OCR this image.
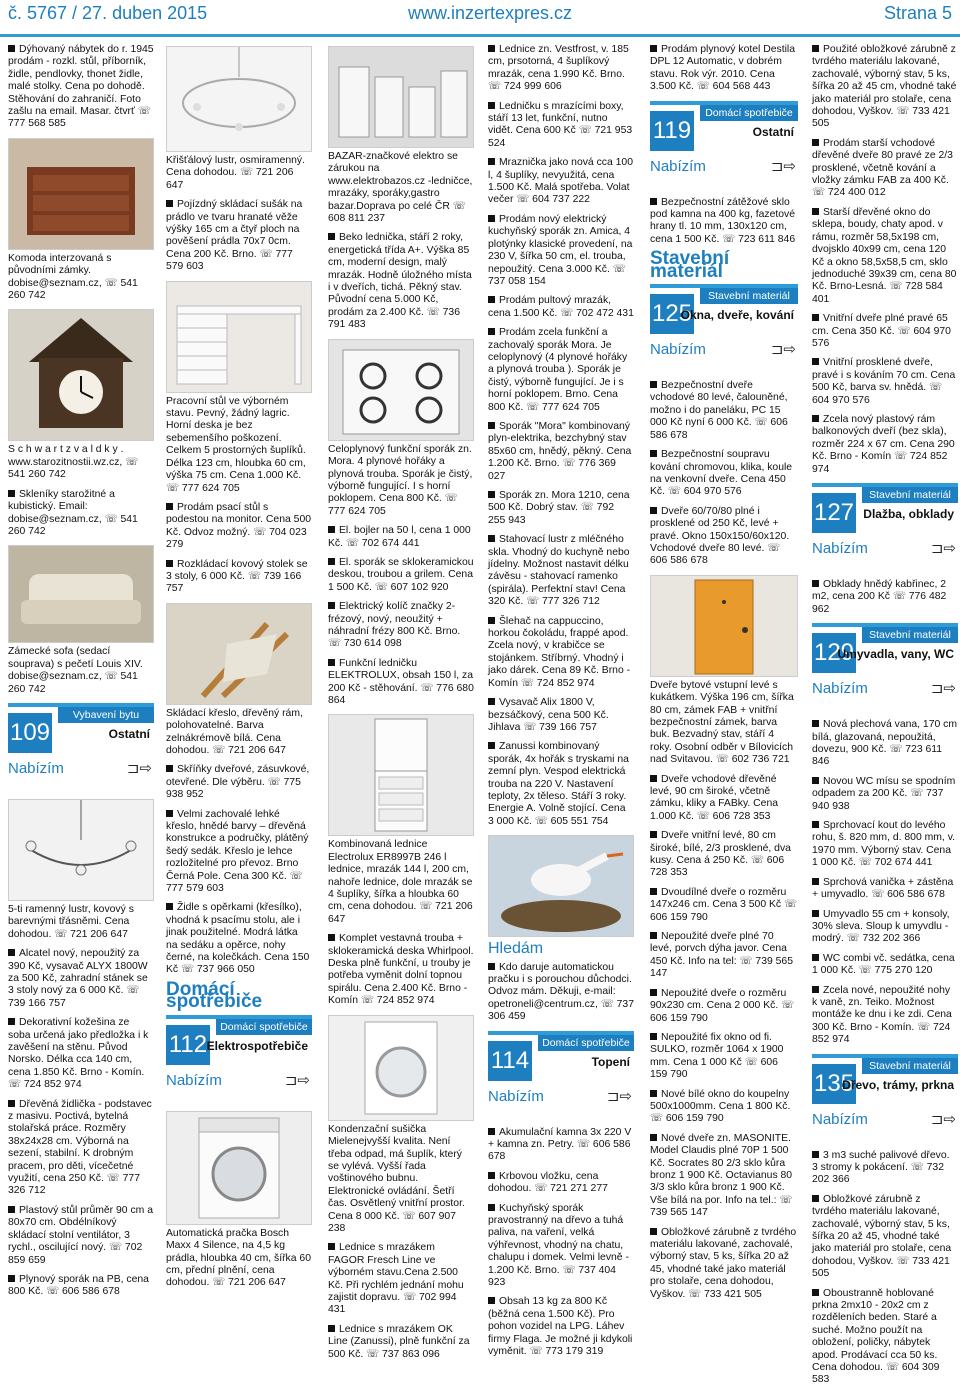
č. 5767 / 27. duben 2015	www.inzertexpres.cz	Strana 5

Dýhovaný nábytek do r. 1945 prodám - rozkl. stůl, příborník, židle, pendlovky, thonet židle, malé stolky. Cena po dohodě. Stěhování do zahraničí. Foto zašlu na email. Masar. čtvrť ☏ 777 568 585

Komoda interzovaná s původními zámky. dobise@seznam.cz, ☏ 541 260 742

S c h w a r t z v a l d k y . www.starozitnostii.wz.cz, ☏ 541 260 742

Skleníky starožitné a kubistický. Email: dobise@seznam.cz, ☏ 541 260 742

Zámecké sofa (sedací souprava) s pečetí Louis XIV. dobise@seznam.cz, ☏ 541 260 742

109
Vybavení bytu
Ostatní
Nabízím	⊐⇨

5-ti ramenný lustr, kovový s barevnými třásněmi. Cena dohodou. ☏ 721 206 647

Alcatel nový, nepoužitý za 390 Kč, vysavač ALYX 1800W za 500 Kč, zahradní stánek se 3 stoly nový za 6 000 Kč. ☏ 739 166 757

Dekorativní kožešina ze soba určená jako předložka i k zavěšení na stěnu. Původ Norsko. Délka cca 140 cm, cena 1.850 Kč. Brno - Komín. ☏ 724 852 974

Dřevěná židlička - podstavec z masivu. Poctivá, bytelná stolařská práce. Rozměry 38x24x28 cm. Výborná na sezení, stabilní. K drobným pracem, pro děti, vícečetné využití, cena 250 Kč. ☏ 777 326 712

Plastový stůl průměr 90 cm a 80x70 cm. Obdélníkový skládací stolní ventilátor, 3 rychl., oscilující nový. ☏ 702 859 659

Plynový sporák na PB, cena 800 Kč. ☏ 606 586 678

Křišťálový lustr, osmiramenný. Cena dohodou. ☏ 721 206 647

Pojízdný skládací sušák na prádlo ve tvaru hranaté věže výšky 165 cm a čtyř ploch na pověšení prádla 70x7 0cm. Cena 200 Kč. Brno. ☏ 777 579 603

Pracovní stůl ve výborném stavu. Pevný, žádný lagric. Horní deska je bez sebemenšího poškození. Celkem 5 prostorných šuplíků. Délka 123 cm, hloubka 60 cm, výška 75 cm. Cena 1.000 Kč. ☏ 777 624 705

Prodám psací stůl s podestou na monitor. Cena 500 Kč. Odvoz možný. ☏ 704 023 279

Rozkládací kovový stolek se 3 stoly, 6 000 Kč. ☏ 739 166 757

Skládací křeslo, dřevěný rám, polohovatelné. Barva zelnákrémově bílá. Cena dohodou. ☏ 721 206 647

Skříňky dveřové, zásuvkové, otevřené. Dle výběru. ☏ 775 938 952

Velmi zachovalé lehké křeslo, hnědé barvy – dřevěná konstrukce a područky, plátěný šedý sedák. Křeslo je lehce rozložitelné pro převoz. Brno Černá Pole. Cena 300 Kč. ☏ 777 579 603

Židle s opěrkami (křesílko), vhodná k psacímu stolu, ale i jinak použitelné. Modrá látka na sedáku a opěrce, nohy černé, na kolečkách. Cena 150 Kč ☏ 737 966 050

Domácí spotřebiče
112
Domácí spotřebiče
Elektrospotřebiče
Nabízím	⊐⇨

Automatická pračka Bosch Maxx 4 Silence, na 4,5 kg prádla, hloubka 40 cm, šířka 60 cm, přední plnění, cena dohodou. ☏ 721 206 647

BAZAR-značkové elektro se zárukou na www.elektrobazos.cz -ledničce, mrazáky, sporáky,gastro bazar.Doprava po celé ČR ☏ 608 811 237

Beko lednička, stáří 2 roky, energetická třída A+. Výška 85 cm, moderní design, malý mrazák. Hodně úložného místa i v dveřích, tichá. Pěkný stav. Původní cena 5.000 Kč, prodám za 2.400 Kč. ☏ 736 791 483

Celoplynový funkční sporák zn. Mora. 4 plynové hořáky a plynová trouba. Sporák je čistý, výborně fungující. I s horní poklopem. Cena 800 Kč. ☏ 777 624 705

El. bojler na 50 l, cena 1 000 Kč. ☏ 702 674 441

El. sporák se sklokeramickou deskou, troubou a grilem. Cena 1 500 Kč. ☏ 607 102 920

Elektrický kolíč značky 2-frézový, nový, neoužitý + náhradní frézy 800 Kč. Brno. ☏ 730 614 098

Funkční ledničku ELEKTROLUX, obsah 150 l, za 200 Kč - stěhování. ☏ 776 680 864

Kombinovaná lednice Electrolux ER8997B 246 l lednice, mrazák 144 l, 200 cm, nahoře lednice, dole mrazák se 4 šuplíky, šířka a hloubka 60 cm, cena dohodou. ☏ 721 206 647

Komplet vestavná trouba + sklokeramická deska Whirlpool. Deska plně funkční, u trouby je potřeba vyměnit dolní topnou spirálu. Cena 2.400 Kč. Brno - Komín ☏ 724 852 974

Kondenzační sušička Mielenejvyšší kvalita. Není třeba odpad, má šuplík, který se vylévá. Vyšší řada voštinového bubnu. Elektronické ovládání. Šetří čas. Osvětlený vnitřní prostor. Cena 8 000 Kč. ☏ 607 907 238

Lednice s mrazákem FAGOR Fresch Line ve výborném stavu.Cena 2.500 Kč. Při rychlém jednání mohu zajistit dopravu. ☏ 702 994 431

Lednice s mrazákem OK Line (Zanussi), plně funkční za 500 Kč. ☏ 737 863 096

Lednice zn. Vestfrost, v. 185 cm, prsotorná, 4 šuplíkový mrazák, cena 1.990 Kč. Brno. ☏ 724 999 606

Ledničku s mrazícími boxy, stáří 13 let, funkční, nutno vidět. Cena 600 Kč ☏ 721 953 524

Mraznička jako nová cca 100 l, 4 šuplíky, nevyužitá, cena 1.500 Kč. Malá spotřeba. Volat večer ☏ 604 737 222

Prodám nový elektrický kuchyňský sporák zn. Amica, 4 plotýnky klasické provedení, na 230 V, šířka 50 cm, el. trouba, nepoužitý. Cena 3.000 Kč. ☏ 737 058 154

Prodám pultový mrazák, cena 1.500 Kč. ☏ 702 472 431

Prodám zcela funkční a zachovalý sporák Mora. Je celoplynový (4 plynové hořáky a plynová trouba ). Sporák je čistý, výborně fungující. Je i s horní poklopem. Brno. Cena 800 Kč. ☏ 777 624 705

Sporák "Mora" kombinovaný plyn-elektrika, bezchybný stav 85x60 cm, hnědý, pěkný. Cena 1.200 Kč. Brno. ☏ 776 369 027

Sporák zn. Mora 1210, cena 500 Kč. Dobrý stav. ☏ 792 255 943

Stahovací lustr z mléčného skla. Vhodný do kuchyně nebo jídelny. Možnost nastavit délku závěsu - stahovací ramenko (spirála). Perfektní stav! Cena 320 Kč. ☏ 777 326 712

Šlehač na cappuccino, horkou čokoládu, frappé apod. Zcela nový, v krabičce se stojánkem. Stříbrný. Vhodný i jako dárek. Cena 89 Kč. Brno - Komín ☏ 724 852 974

Vysavač Alix 1800 V, bezsáčkový, cena 500 Kč. Jihlava ☏ 739 166 757

Zanussi kombinovaný sporák, 4x hořák s tryskami na zemní plyn. Vespod elektrická trouba na 220 V. Nastavení teploty, 2x těleso. Stáří 3 roky. Energie A. Volně stojící. Cena 3 000 Kč. ☏ 605 551 754

Hledám

Kdo daruje automatickou pračku i s porouchou důchodci. Odvoz mám. Děkuji, e-mail: opetroneli@centrum.cz, ☏ 737 306 459

114
Domácí spotřebiče
Topení
Nabízím	⊐⇨

Akumulační kamna 3x 220 V + kamna zn. Petry. ☏ 606 586 678

Krbovou vložku, cena dohodou. ☏ 721 271 277

Kuchyňský sporák pravostranný na dřevo a tuhá paliva, na vaření, velká výhřevnost, vhodný na chatu, chalupu i domek. Velmi levně - 1.200 Kč. Brno. ☏ 737 404 923

Obsah 13 kg za 800 Kč (běžná cena 1.500 Kč). Pro pohon vozidel na LPG. Láhev firmy Flaga. Je možné ji kdykoli vyměnit. ☏ 773 179 319

Prodám plynový kotel Destila DPL 12 Automatic, v dobrém stavu. Rok výr. 2010. Cena 3.500 Kč. ☏ 604 568 443

119
Domácí spotřebiče
Ostatní
Nabízím	⊐⇨

Bezpečnostní zátěžové sklo pod kamna na 400 kg, fazetové hrany tl. 10 mm, 130x120 cm, cena 1 500 Kč. ☏ 723 611 846

Stavební materiál
125
Stavební materiál
Okna, dveře, kování
Nabízím	⊐⇨

Bezpečnostní dveře vchodové 80 levé, čalouněné, možno i do paneláku, PC 15 000 Kč nyní 6 000 Kč. ☏ 606 586 678

Bezpečnostní soupravu kování chromovou, klika, koule na venkovní dveře. Cena 450 Kč. ☏ 604 970 576

Dveře 60/70/80 plné i prosklené od 250 Kč, levé + pravé. Okno 150x150/60x120. Vchodové dveře 80 levé. ☏ 606 586 678

Dveře bytové vstupní levé s kukátkem. Výška 196 cm, šířka 80 cm, zámek FAB + vnitřní bezpečnostní zámek, barva buk. Bezvadný stav, stáří 4 roky. Osobní odběr v Bílovicích nad Svitavou. ☏ 602 736 721

Dveře vchodové dřevěné levé, 90 cm široké, včetně zámku, kliky a FABky. Cena 1.000 Kč. ☏ 606 728 353

Dveře vnitřní levé, 80 cm široké, bílé, 2/3 prosklené, dva kusy. Cena á 250 Kč. ☏ 606 728 353

Dvoudílné dveře o rozměru 147x246 cm. Cena 3 500 Kč ☏ 606 159 790

Nepoužité dveře plné 70 levé, porvch dýha javor. Cena 450 Kč. Info na tel: ☏ 739 565 147

Nepoužité dveře o rozměru 90x230 cm. Cena 2 000 Kč. ☏ 606 159 790

Nepoužité fix okno od fi. SULKO, rozměr 1064 x 1900 mm. Cena 1 000 Kč ☏ 606 159 790

Nové bílé okno do koupelny 500x1000mm. Cena 1 800 Kč. ☏ 606 159 790

Nové dveře zn. MASONITE. Model Claudis plné 70P 1 500 Kč. Socrates 80 2/3 sklo kůra bronz 1 900 Kč. Octavianus 80 3/3 sklo kůra bronz 1 900 Kč. Vše bílá na por. Info na tel.: ☏ 739 565 147

Obložkové zárubně z tvrdého materiálu lakované, zachovalé, výborný stav, 5 ks, šířka 20 až 45, vhodné také jako materiál pro stolaře, cena dohodou, Vyškov. ☏ 733 421 505

Použité obložkové zárubně z tvrdého materiálu lakované, zachovalé, výborný stav, 5 ks, šířka 20 až 45 cm, vhodné také jako materiál pro stolaře, cena dohodou, Vyškov. ☏ 733 421 505

Prodám starší vchodové dřevěné dveře 80 pravé ze 2/3 prosklené, včetně kování a vložky zámku FAB za 400 Kč. ☏ 724 400 012

Starší dřevěné okno do sklepa, boudy, chaty apod. v rámu, rozměr 58,5x198 cm, dvojsklo 40x99 cm, cena 120 Kč a okno 58,5x58,5 cm, sklo jednoduché 39x39 cm, cena 80 Kč. Brno-Lesná. ☏ 728 584 401

Vnitřní dveře plné pravé 65 cm. Cena 350 Kč. ☏ 604 970 576

Vnitřní prosklené dveře, pravé i s kováním 70 cm. Cena 500 Kč, barva sv. hnědá. ☏ 604 970 576

Zcela nový plastový rám balkonových dveří (bez skla), rozměr 224 x 67 cm. Cena 290 Kč. Brno - Komín ☏ 724 852 974

127
Stavební materiál
Dlažba, obklady
Nabízím	⊐⇨

Obklady hnědý kabřinec, 2 m2, cena 200 Kč ☏ 776 482 962

129
Stavební materiál
Umyvadla, vany, WC
Nabízím	⊐⇨

Nová plechová vana, 170 cm bílá, glazovaná, nepoužitá, dovezu, 900 Kč. ☏ 723 611 846

Novou WC mísu se spodním odpadem za 200 Kč. ☏ 737 940 938

Sprchovací kout do levého rohu, š. 820 mm, d. 800 mm, v. 1970 mm. Výborný stav. Cena 1 000 Kč. ☏ 702 674 441

Sprchová vanička + zástěna + umyvadlo. ☏ 606 586 678

Umyvadlo 55 cm + konsoly, 30% sleva. Sloup k umyvdlu - modrý. ☏ 732 202 366

WC combi vč. sedátka, cena 1 000 Kč. ☏ 775 270 120

Zcela nové, nepoužité nohy k vaně, zn. Teiko. Možnost montáže ke dnu i ke zdi. Cena 300 Kč. Brno - Komín. ☏ 724 852 974

135
Stavební materiál
Dřevo, trámy, prkna
Nabízím	⊐⇨

3 m3 suché palivové dřevo. 3 stromy k pokácení. ☏ 732 202 366

Obložkové zárubně z tvrdého materiálu lakované, zachovalé, výborný stav, 5 ks, šířka 20 až 45, vhodné také jako materiál pro stolaře, cena dohodou, Vyškov. ☏ 733 421 505

Oboustranně hoblované prkna 2mx10 - 20x2 cm z rozděleních beden. Staré a suché. Možno použít na obložení, poličky, nábytek apod. Prodávací cca 50 ks. Cena dohodou. ☏ 604 309 583
